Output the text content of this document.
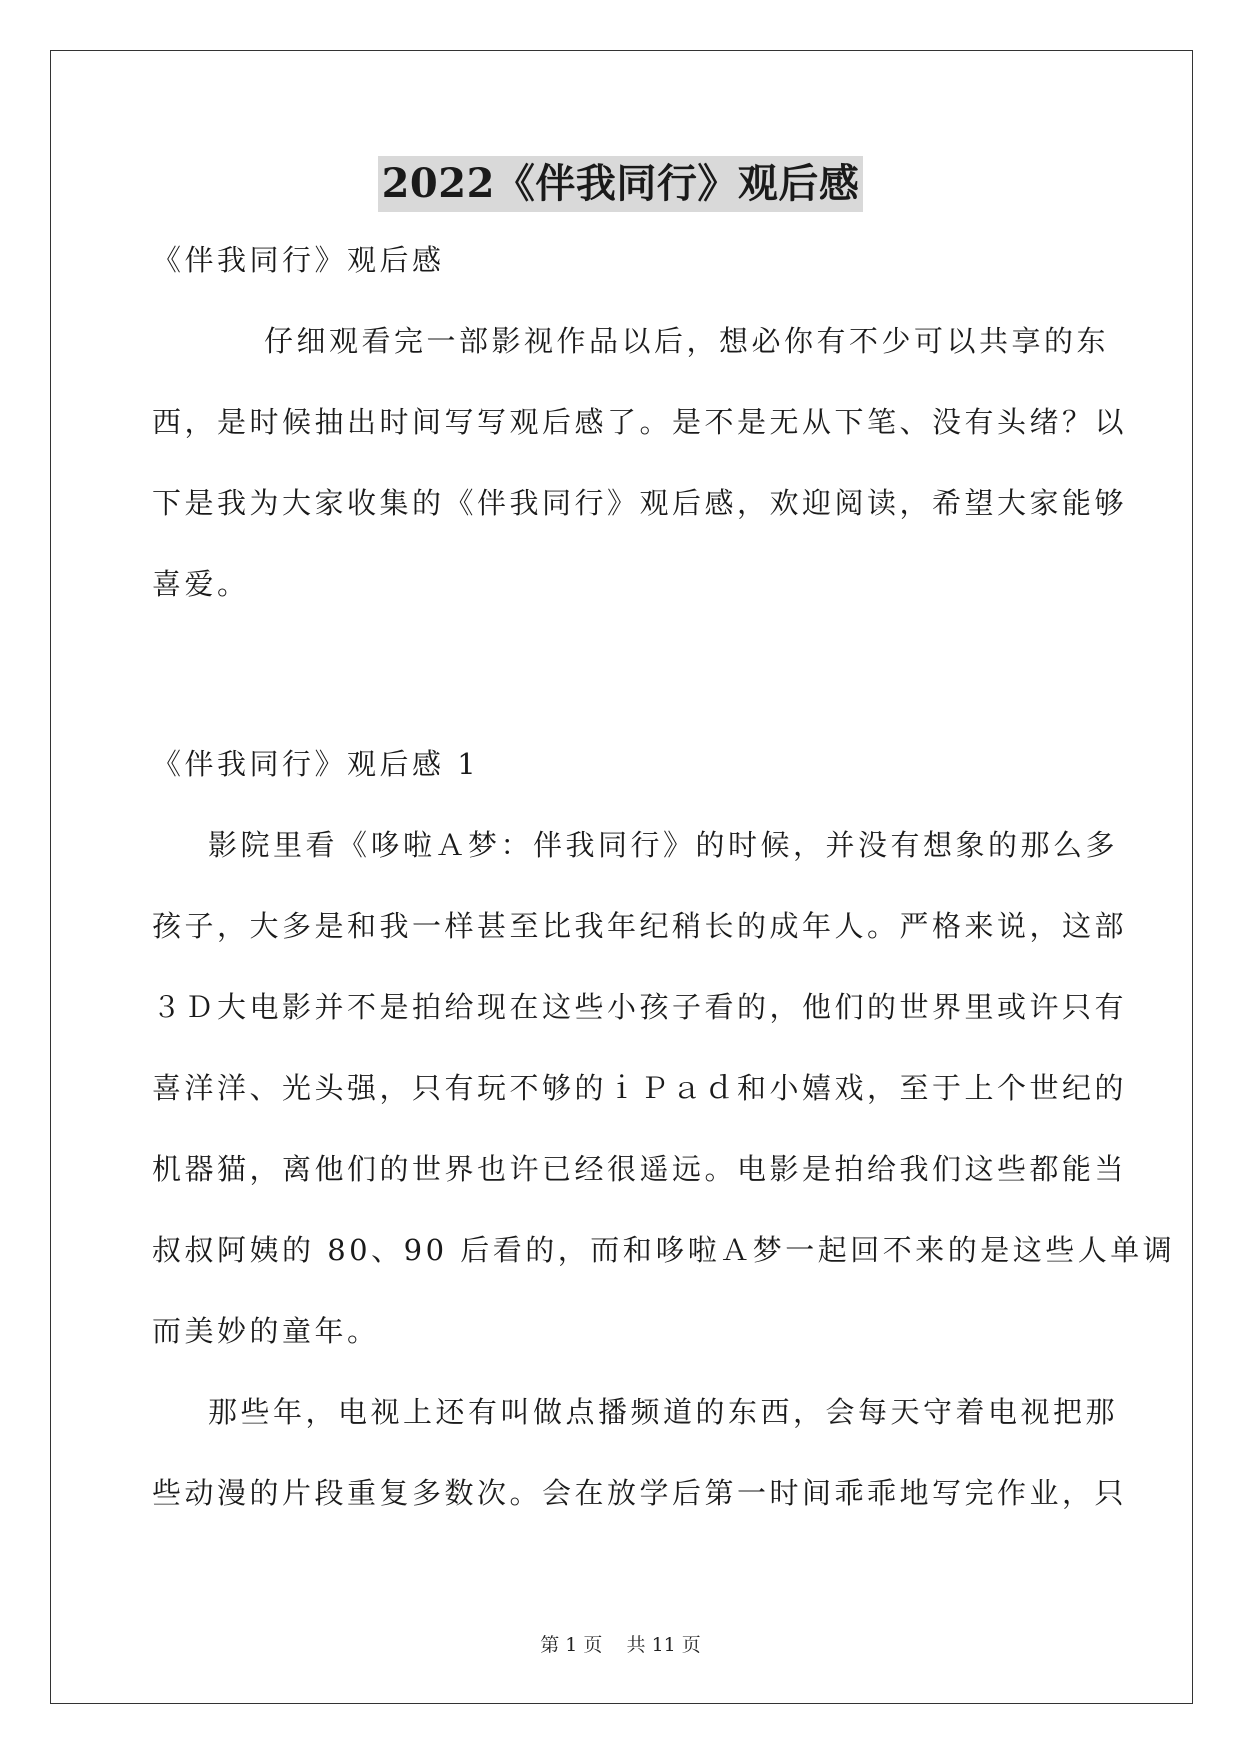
2022《伴我同行》观后感
《伴我同行》观后感
仔细观看完一部影视作品以后，想必你有不少可以共享的东
西，是时候抽出时间写写观后感了。是不是无从下笔、没有头绪？以
下是我为大家收集的《伴我同行》观后感，欢迎阅读，希望大家能够
喜爱。
《伴我同行》观后感 1
影院里看《哆啦Ａ梦：伴我同行》的时候，并没有想象的那么多
孩子，大多是和我一样甚至比我年纪稍长的成年人。严格来说，这部
３Ｄ大电影并不是拍给现在这些小孩子看的，他们的世界里或许只有
喜洋洋、光头强，只有玩不够的ｉＰａｄ和小嬉戏，至于上个世纪的
机器猫，离他们的世界也许已经很遥远。电影是拍给我们这些都能当
叔叔阿姨的 80、90 后看的，而和哆啦Ａ梦一起回不来的是这些人单调
而美妙的童年。
那些年，电视上还有叫做点播频道的东西，会每天守着电视把那
些动漫的片段重复多数次。会在放学后第一时间乖乖地写完作业，只
第 1 页    共 11 页
